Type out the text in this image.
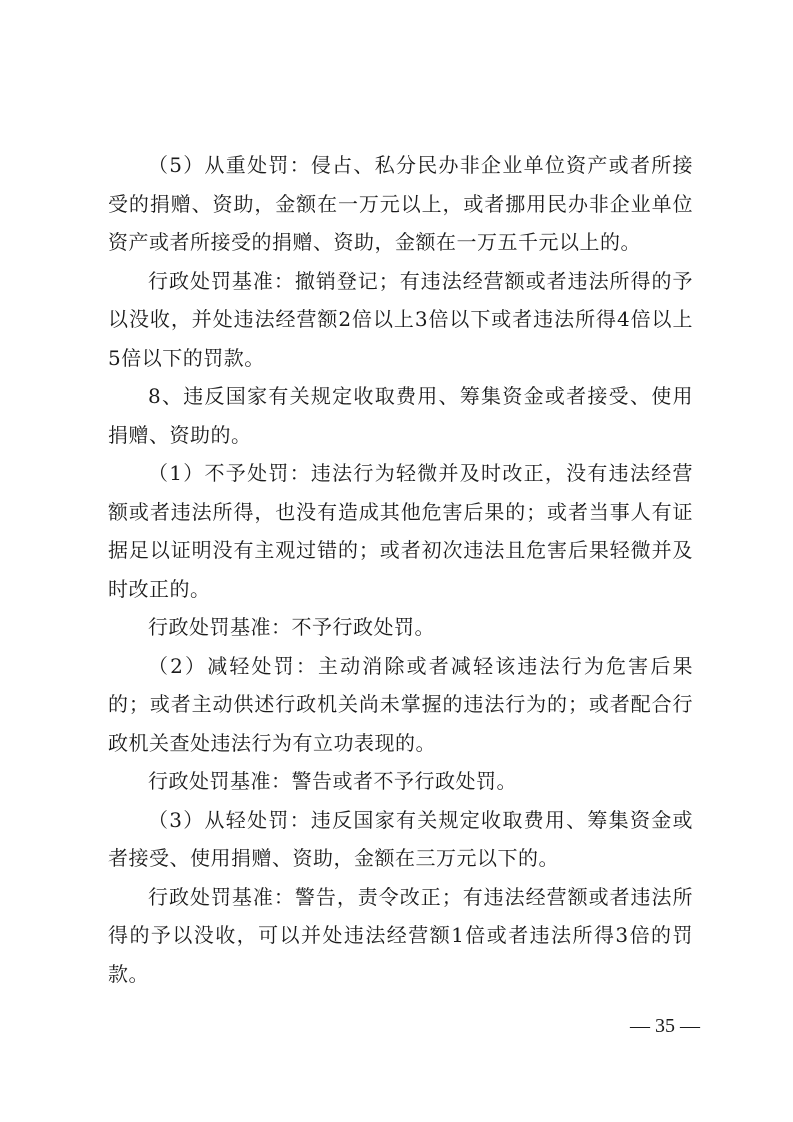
（5）从重处罚：侵占、私分民办非企业单位资产或者所接受的捐赠、资助，金额在一万元以上，或者挪用民办非企业单位资产或者所接受的捐赠、资助，金额在一万五千元以上的。

行政处罚基准：撤销登记；有违法经营额或者违法所得的予以没收，并处违法经营额2倍以上3倍以下或者违法所得4倍以上5倍以下的罚款。

8、违反国家有关规定收取费用、筹集资金或者接受、使用捐赠、资助的。

（1）不予处罚：违法行为轻微并及时改正，没有违法经营额或者违法所得，也没有造成其他危害后果的；或者当事人有证据足以证明没有主观过错的；或者初次违法且危害后果轻微并及时改正的。

行政处罚基准：不予行政处罚。

（2）减轻处罚：主动消除或者减轻该违法行为危害后果的；或者主动供述行政机关尚未掌握的违法行为的；或者配合行政机关查处违法行为有立功表现的。

行政处罚基准：警告或者不予行政处罚。

（3）从轻处罚：违反国家有关规定收取费用、筹集资金或者接受、使用捐赠、资助，金额在三万元以下的。

行政处罚基准：警告，责令改正；有违法经营额或者违法所得的予以没收，可以并处违法经营额1倍或者违法所得3倍的罚款。

— 35 —
